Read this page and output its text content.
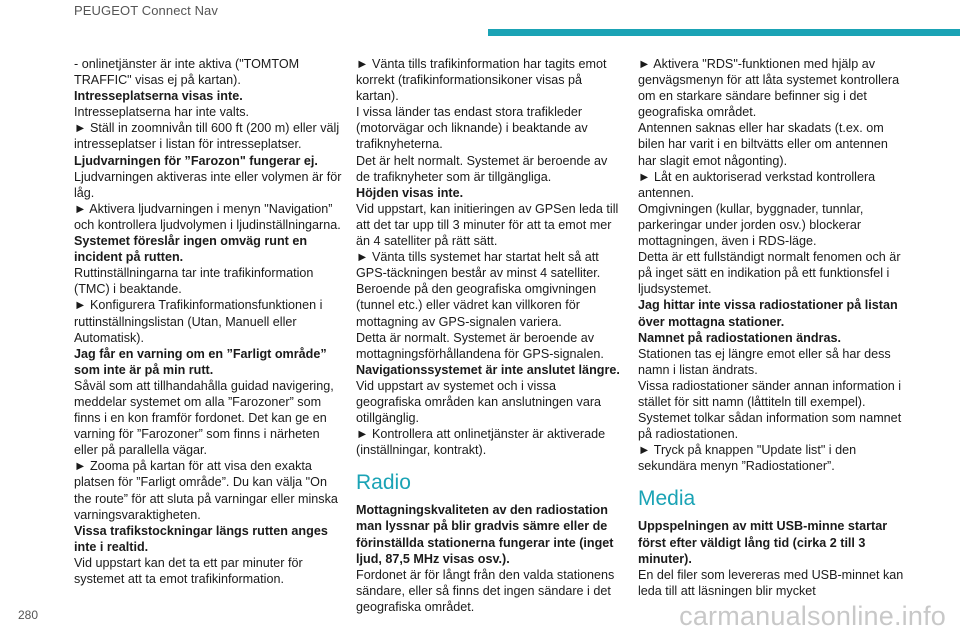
PEUGEOT Connect Nav

- onlinetjänster är inte aktiva ("TOMTOM TRAFFIC" visas ej på kartan).

Intresseplatserna visas inte.

Intresseplatserna har inte valts.

► Ställ in zoomnivån till 600 ft (200 m) eller välj intresseplatser i listan för intresseplatser.

Ljudvarningen för ”Farozon" fungerar ej.

Ljudvarningen aktiveras inte eller volymen är för låg.

► Aktivera ljudvarningen i menyn "Navigation” och kontrollera ljudvolymen i ljudinställningarna.

Systemet föreslår ingen omväg runt en incident på rutten.

Ruttinställningarna tar inte trafikinformation (TMC) i beaktande.

► Konfigurera Trafikinformationsfunktionen i ruttinställningslistan (Utan, Manuell eller Automatisk).

Jag får en varning om en ”Farligt område” som inte är på min rutt.

Såväl som att tillhandahålla guidad navigering, meddelar systemet om alla ”Farozoner” som finns i en kon framför fordonet. Det kan ge en varning för ”Farozoner” som finns i närheten eller på parallella vägar.

► Zooma på kartan för att visa den exakta platsen för ”Farligt område”. Du kan välja "On the route” för att sluta på varningar eller minska varningsvaraktigheten.

Vissa trafikstockningar längs rutten anges inte i realtid.

Vid uppstart kan det ta ett par minuter för systemet att ta emot trafikinformation.

► Vänta tills trafikinformation har tagits emot korrekt (trafikinformationsikoner visas på kartan).

I vissa länder tas endast stora trafikleder (motorvägar och liknande) i beaktande av trafiknyheterna.

Det är helt normalt. Systemet är beroende av de trafiknyheter som är tillgängliga.

Höjden visas inte.

Vid uppstart, kan initieringen av GPSen leda till att det tar upp till 3 minuter för att ta emot mer än 4 satelliter på rätt sätt.

► Vänta tills systemet har startat helt så att GPS-täckningen består av minst 4 satelliter.

Beroende på den geografiska omgivningen (tunnel etc.) eller vädret kan villkoren för mottagning av GPS-signalen variera.

Detta är normalt. Systemet är beroende av mottagningsförhållandena för GPS-signalen.

Navigationssystemet är inte anslutet längre.

Vid uppstart av systemet och i vissa geografiska områden kan anslutningen vara otillgänglig.

► Kontrollera att onlinetjänster är aktiverade (inställningar, kontrakt).

Radio

Mottagningskvaliteten av den radiostation man lyssnar på blir gradvis sämre eller de förinställda stationerna fungerar inte (inget ljud, 87,5 MHz visas osv.).

Fordonet är för långt från den valda stationens sändare, eller så finns det ingen sändare i det geografiska området.

► Aktivera "RDS"-funktionen med hjälp av genvägsmenyn för att låta systemet kontrollera om en starkare sändare befinner sig i det geografiska området.

Antennen saknas eller har skadats (t.ex. om bilen har varit i en biltvätts eller om antennen har slagit emot någonting).

► Låt en auktoriserad verkstad kontrollera antennen.

Omgivningen (kullar, byggnader, tunnlar, parkeringar under jorden osv.) blockerar mottagningen, även i RDS-läge.

Detta är ett fullständigt normalt fenomen och är på inget sätt en indikation på ett funktionsfel i ljudsystemet.

Jag hittar inte vissa radiostationer på listan över mottagna stationer.

Namnet på radiostationen ändras.

Stationen tas ej längre emot eller så har dess namn i listan ändrats.

Vissa radiostationer sänder annan information i stället för sitt namn (låttiteln till exempel).

Systemet tolkar sådan information som namnet på radiostationen.

► Tryck på knappen "Update list" i den sekundära menyn ”Radiostationer”.

Media

Uppspelningen av mitt USB-minne startar först efter väldigt lång tid (cirka 2 till 3 minuter).

En del filer som levereras med USB-minnet kan leda till att läsningen blir mycket

280	carmanualsonline.info
